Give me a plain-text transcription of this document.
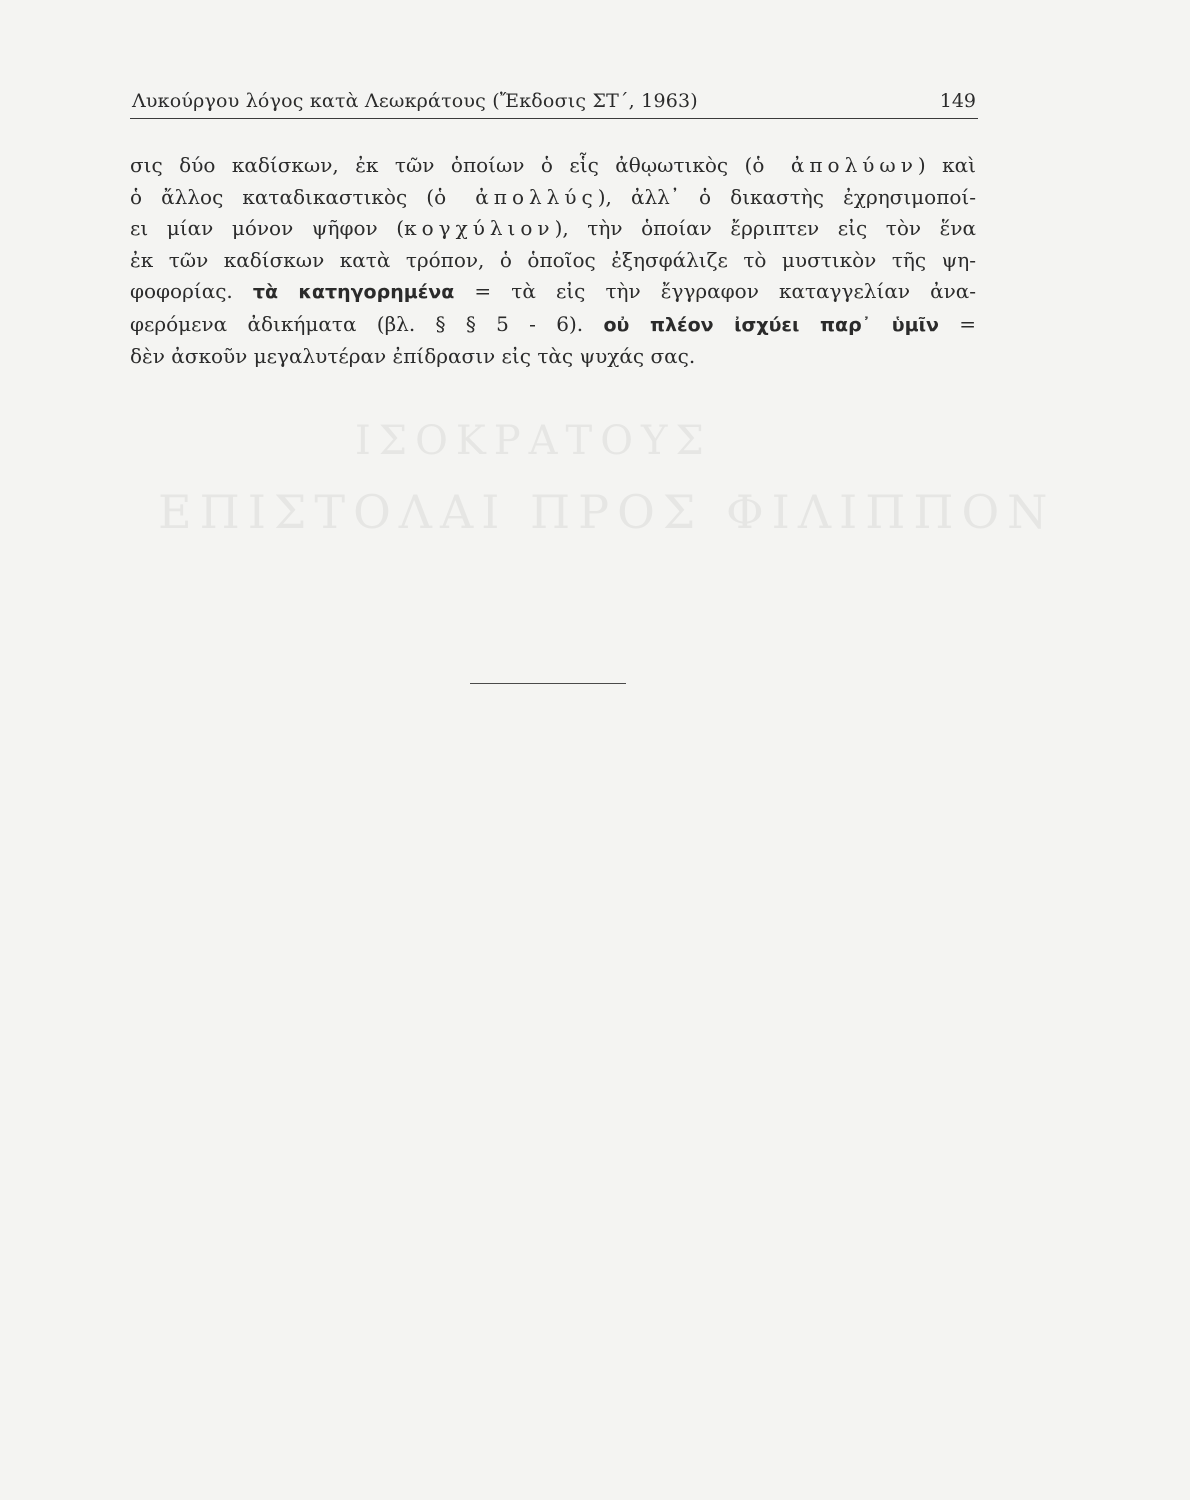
ΙΣΟΚΡΑΤΟΥΣ
ΕΠΙΣΤΟΛΑΙ ΠΡΟΣ ΦΙΛΙΠΠΟΝ
Λυκούργου λόγος κατὰ Λεωκράτους (Ἔκδοσις ΣΤ΄, 1963)	149
σις δύο καδίσκων, ἐκ τῶν ὁποίων ὁ εἷς ἀθῳωτικὸς (ὁ ἀπολύων) καὶ
ὁ ἄλλος καταδικαστικὸς (ὁ ἀπολλύς), ἀλλ᾿ ὁ δικαστὴς ἐχρησιμοποί-
ει μίαν μόνον ψῆφον (κογχύλιον), τὴν ὁποίαν ἔρριπτεν εἰς τὸν ἕνα
ἐκ τῶν καδίσκων κατὰ τρόπον, ὁ ὁποῖος ἐξησφάλιζε τὸ μυστικὸν τῆς ψη-
φοφορίας. τὰ κατηγορημένα = τὰ εἰς τὴν ἔγγραφον καταγγελίαν ἀνα-
φερόμενα ἀδικήματα (βλ. § § 5 - 6). οὐ πλέον ἰσχύει παρ᾿ ὑμῖν =
δὲν ἀσκοῦν μεγαλυτέραν ἐπίδρασιν εἰς τὰς ψυχάς σας.
